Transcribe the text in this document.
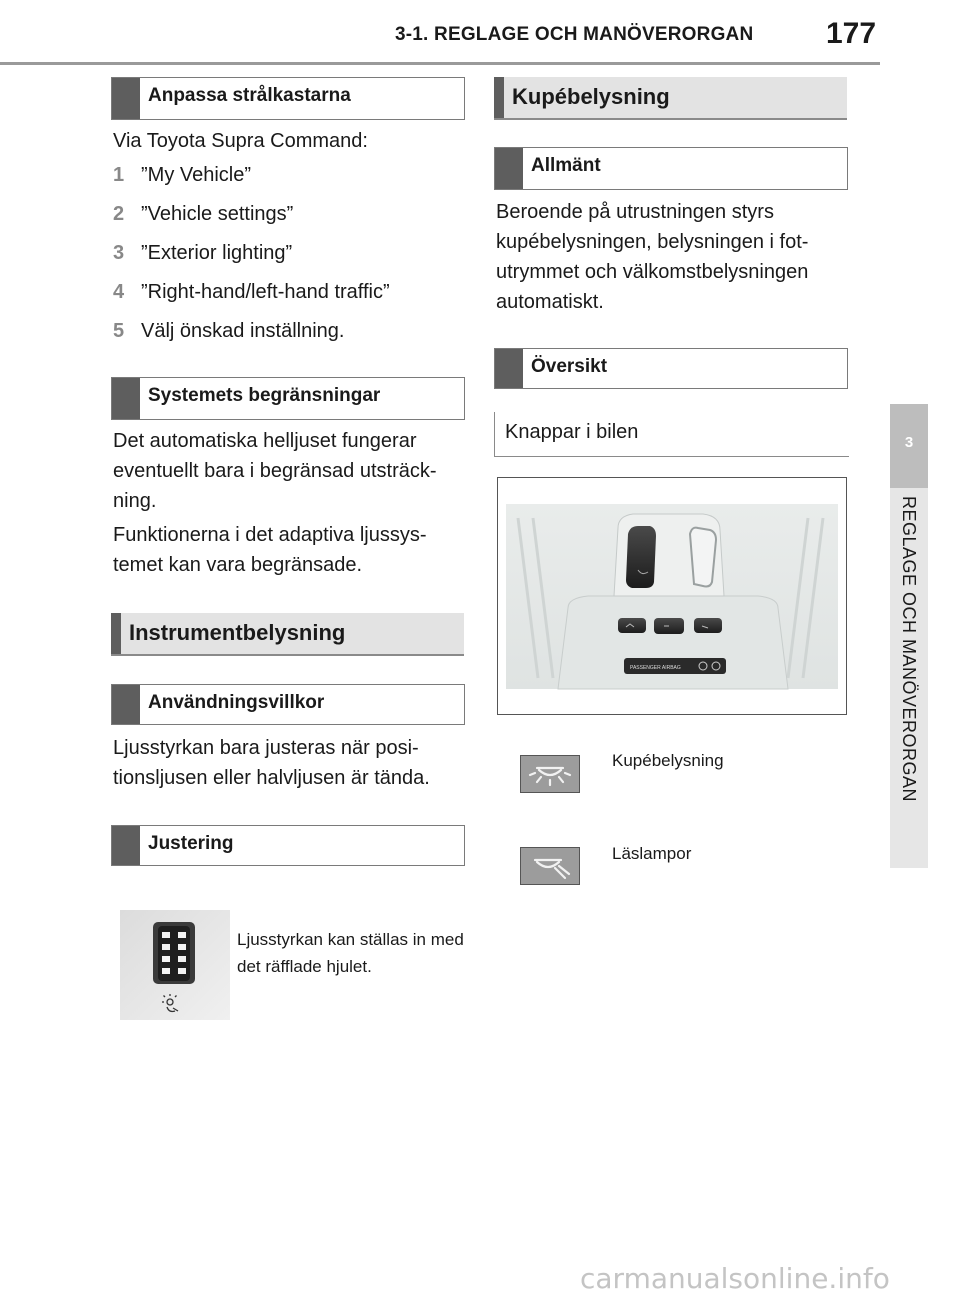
3-1. REGLAGE OCH MANÖVERORGAN 177
3
REGLAGE OCH MANÖVERORGAN
Anpassa strålkastarna
Via Toyota Supra Command:
1 ”My Vehicle”
2 ”Vehicle settings”
3 ”Exterior lighting”
4 ”Right-hand/left-hand traffic”
5 Välj önskad inställning.
Systemets begränsningar
Det automatiska helljuset fungerar eventuellt bara i begränsad utsträck-ning.
Funktionerna i det adaptiva ljussys-temet kan vara begränsade.
Instrumentbelysning
Användningsvillkor
Ljusstyrkan bara justeras när posi-tionsljusen eller halvljusen är tända.
Justering
Ljusstyrkan kan ställas in med det räfflade hjulet.
Kupébelysning
Allmänt
Beroende på utrustningen styrs kupébelysningen, belysningen i fot-utrymmet och välkomstbelysningen automatiskt.
Översikt
Knappar i bilen
PASSENGER AIRBAG
Kupébelysning
Läslampor
carmanualsonline.info
